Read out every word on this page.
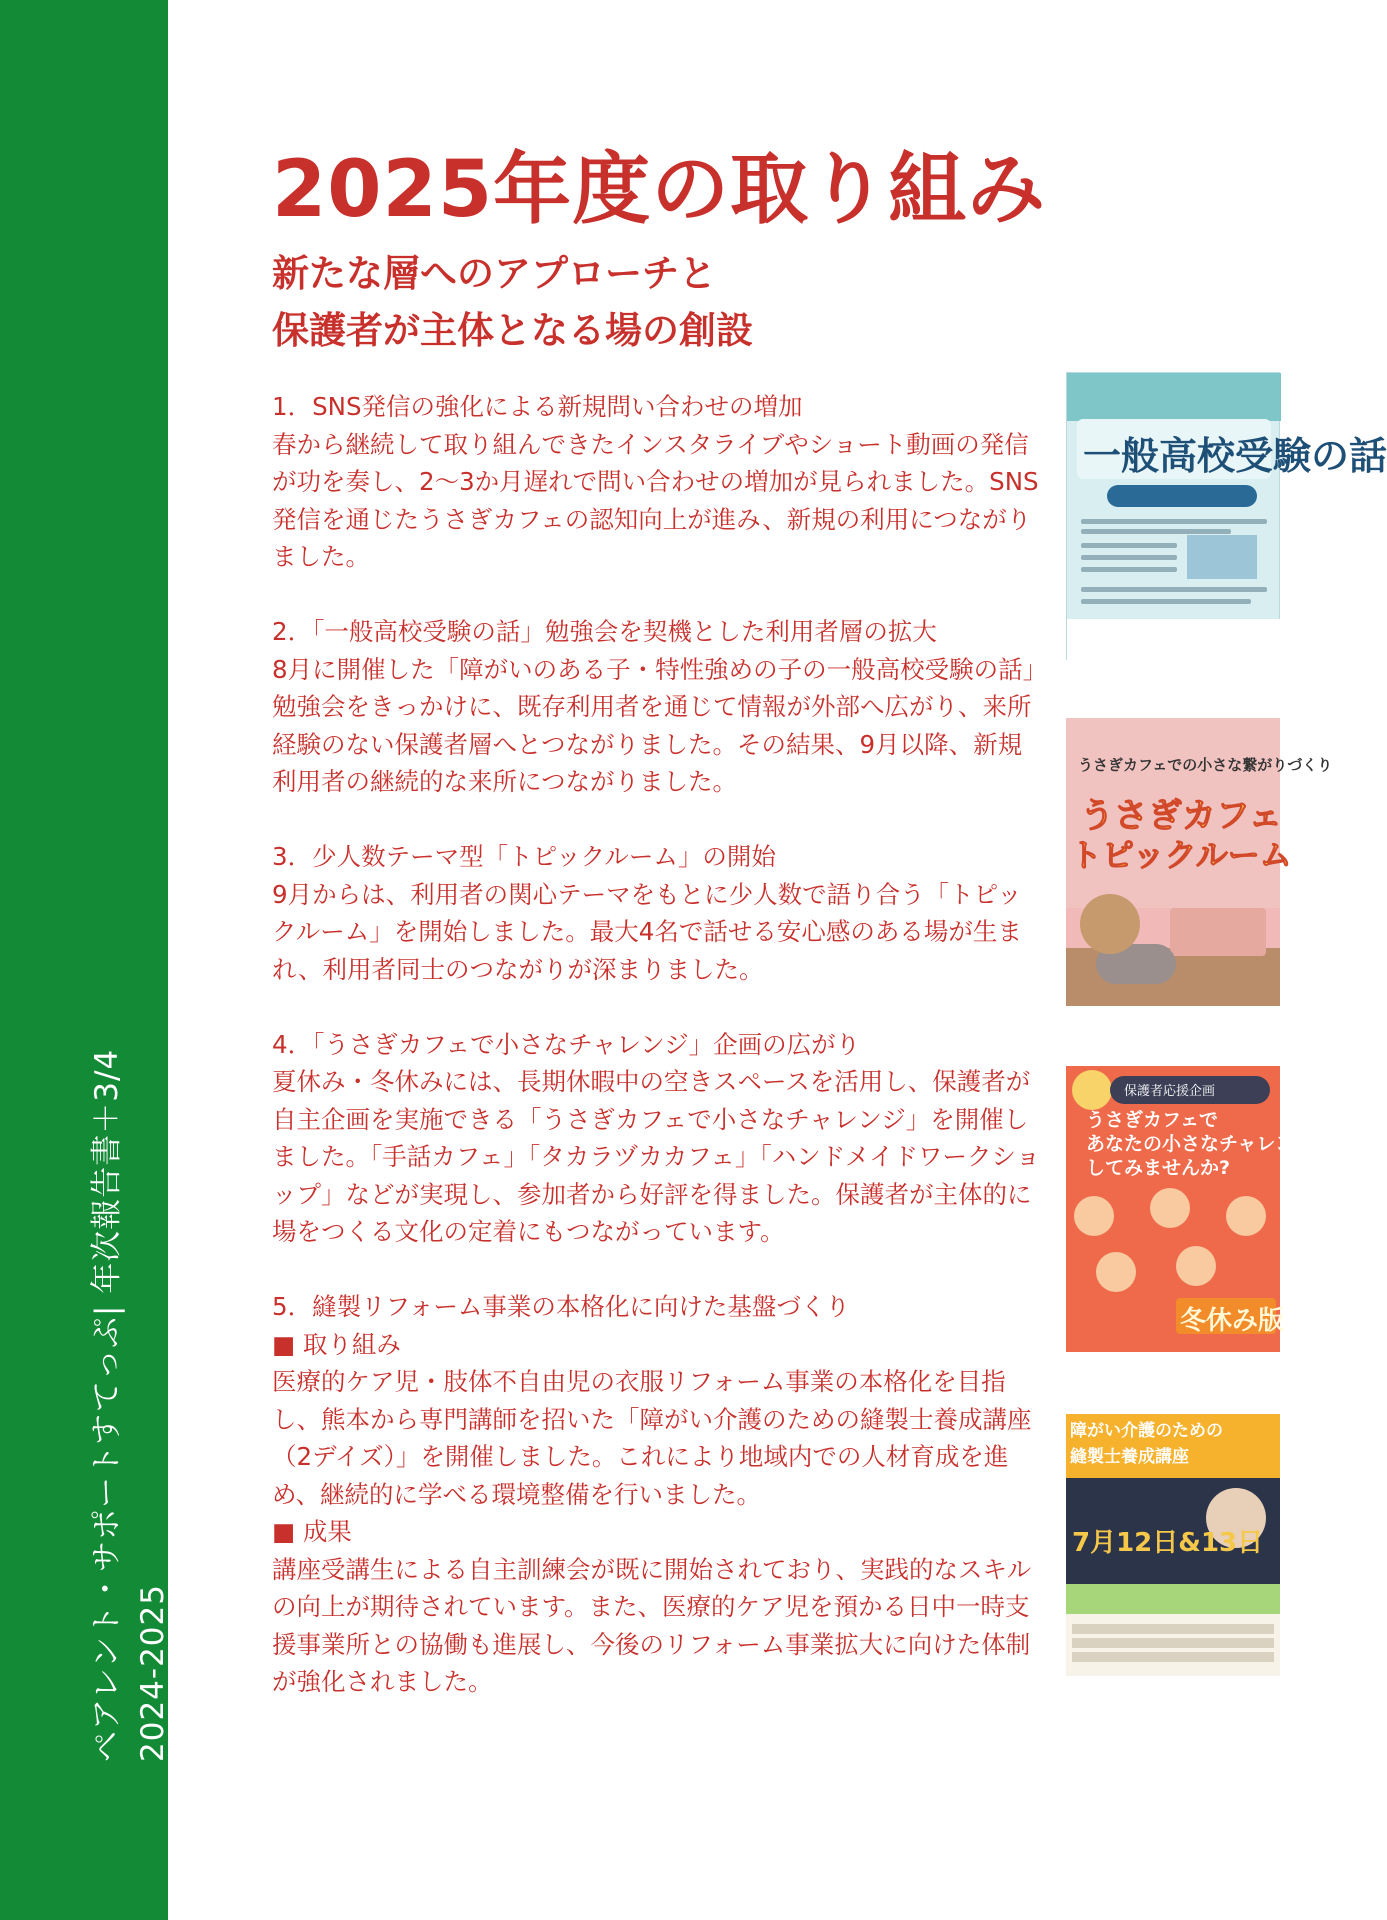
ペアレント・サポートすてっぷ| 年次報告書＋3/4 2024-2025
2025年度の取り組み
新たな層へのアプローチと
保護者が主体となる場の創設
1．SNS発信の強化による新規問い合わせの増加

春から継続して取り組んできたインスタライブやショート動画の発信が功を奏し、2〜3か月遅れで問い合わせの増加が見られました。SNS発信を通じたうさぎカフェの認知向上が進み、新規の利用につながりました。

2．「一般高校受験の話」勉強会を契機とした利用者層の拡大

8月に開催した「障がいのある子・特性強めの子の一般高校受験の話」勉強会をきっかけに、既存利用者を通じて情報が外部へ広がり、来所経験のない保護者層へとつながりました。その結果、9月以降、新規利用者の継続的な来所につながりました。

3．少人数テーマ型「トピックルーム」の開始

9月からは、利用者の関心テーマをもとに少人数で語り合う「トピックルーム」を開始しました。最大4名で話せる安心感のある場が生まれ、利用者同士のつながりが深まりました。

4．「うさぎカフェで小さなチャレンジ」企画の広がり

夏休み・冬休みには、長期休暇中の空きスペースを活用し、保護者が自主企画を実施できる「うさぎカフェで小さなチャレンジ」を開催しました。「手話カフェ」「タカラヅカカフェ」「ハンドメイドワークショップ」などが実現し、参加者から好評を得ました。保護者が主体的に場をつくる文化の定着にもつながっています。

5．縫製リフォーム事業の本格化に向けた基盤づくり
■ 取り組み

医療的ケア児・肢体不自由児の衣服リフォーム事業の本格化を目指し、熊本から専門講師を招いた「障がい介護のための縫製士養成講座（2デイズ）」を開催しました。これにより地域内での人材育成を進め、継続的に学べる環境整備を行いました。

■ 成果

講座受講生による自主訓練会が既に開始されており、実践的なスキルの向上が期待されています。また、医療的ケア児を預かる日中一時支援事業所との協働も進展し、今後のリフォーム事業拡大に向けた体制が強化されました。

一般高校受験の話
うさぎカフェでの小さな繋がりづくり
うさぎカフェ
トピックルーム
保護者応援企画
うさぎカフェで
あなたの小さなチャレンジ
してみませんか?
冬休み版
障がい介護のための
縫製士養成講座
7月12日&13日
